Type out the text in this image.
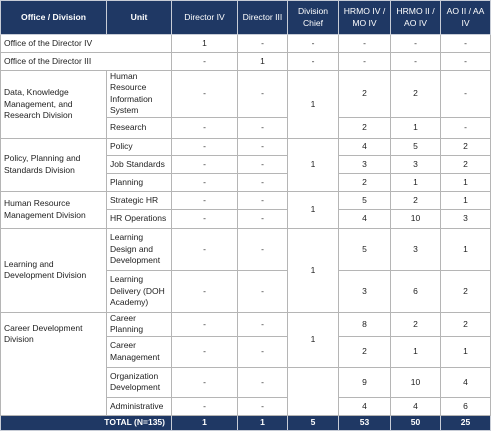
Office / Division	Unit	Director IV	Director III	Division Chief	HRMO IV / MO IV	HRMO II / AO IV	AO II / AA IV
Office of the Director IV		1	-	-	-	-	-
Office of the Director III		-	1	-	-	-	-
Data, Knowledge Management, and Research Division	Human Resource Information System	-	-	1	2	2	-
	Research	-	-		2	1	-
Policy, Planning and Standards Division	Policy	-	-	1	4	5	2
	Job Standards	-	-		3	3	2
	Planning	-	-		2	1	1
Human Resource Management Division	Strategic HR	-	-	1	5	2	1
	HR Operations	-	-		4	10	3
Learning and Development Division	Learning Design and Development	-	-	1	5	3	1
	Learning Delivery (DOH Academy)	-	-		3	6	2
Career Development Division	Career Planning	-	-	1	8	2	2
	Career Management	-	-		2	1	1
	Organization Development	-	-		9	10	4
	Administrative	-	-		4	4	6
TOTAL (N=135)		1	1	5	53	50	25
